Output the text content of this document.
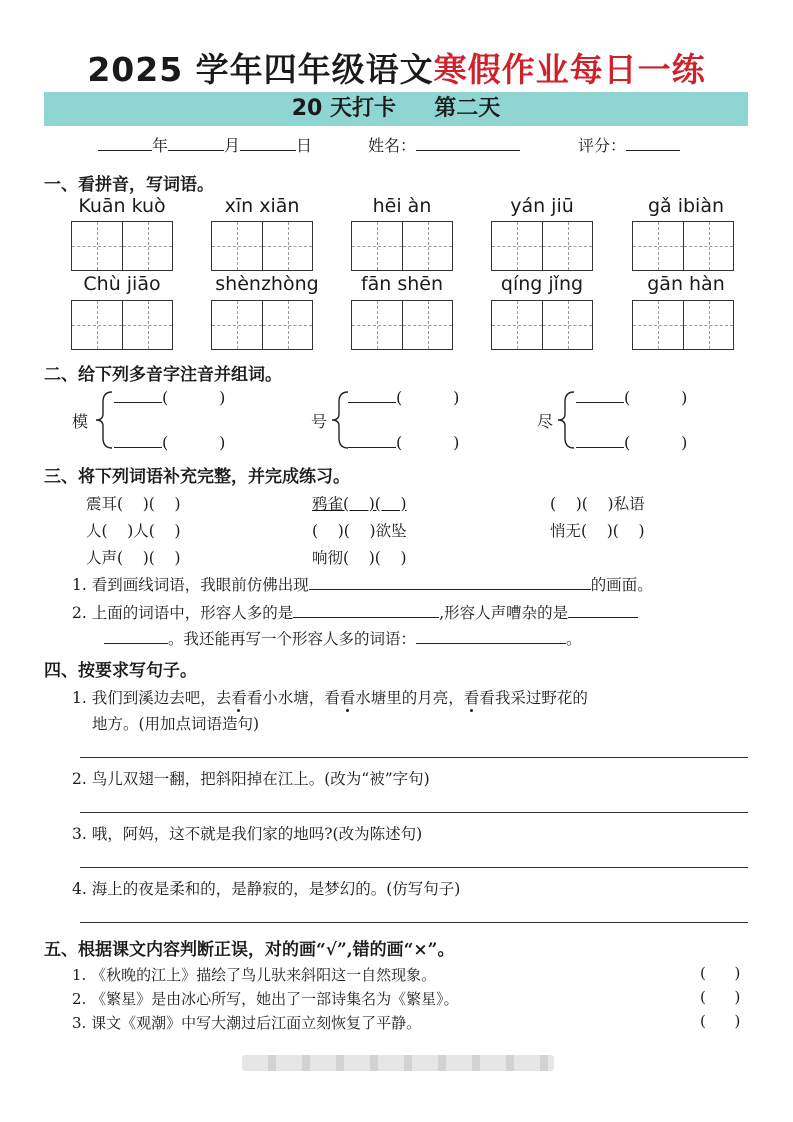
2025 学年四年级语文寒假作业每日一练
20 天打卡     第二天
年	月	日	姓名：	评分：
一、看拼音，写词语。
Kuān kuò	xīn xiān	hēi àn	yán jiū	gǎ ibiàn
Chù jiāo	shènzhòng	fān shēn	qíng jǐng	gān hàn
二、给下列多音字注音并组词。
模
(          )
(          )
号
(          )
(          )
尽
(          )
(          )
三、将下列词语补充完整，并完成练习。
震耳(    )(    )	鸦雀(    )(    )	(    )(    )私语
人(    )人(    )	(    )(    )欲坠	悄无(    )(    )
人声(    )(    )	响彻(    )(    )
1. 看到画线词语，我眼前仿佛出现	的画面。
2. 上面的词语中，形容人多的是	,形容人声嘈杂的是
。我还能再写一个形容人多的词语：	。
四、按要求写句子。
1. 我们到溪边去吧，去看看小水塘，看看水塘里的月亮，看看我采过野花的
地方。(用加点词语造句)
2. 鸟儿双翅一翻，把斜阳掉在江上。(改为“被”字句)
3. 哦，阿妈，这不就是我们家的地吗?(改为陈述句)
4. 海上的夜是柔和的，是静寂的，是梦幻的。(仿写句子)
五、根据课文内容判断正误，对的画“√”,错的画“×”。
1. 《秋晚的江上》描绘了鸟儿驮来斜阳这一自然现象。	(      )
2. 《繁星》是由冰心所写，她出了一部诗集名为《繁星》。	(      )
3. 课文《观潮》中写大潮过后江面立刻恢复了平静。	(      )
